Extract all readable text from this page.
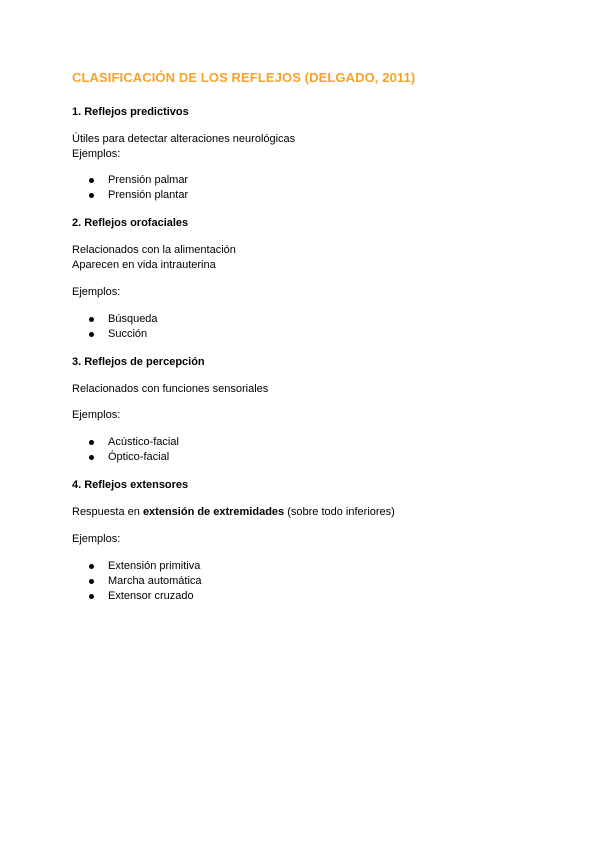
CLASIFICACIÓN DE LOS REFLEJOS (DELGADO, 2011)
1. Reflejos predictivos
Útiles para detectar alteraciones neurológicas
Ejemplos:
Prensión palmar
Prensión plantar
2. Reflejos orofaciales
Relacionados con la alimentación
Aparecen en vida intrauterina
Ejemplos:
Búsqueda
Succión
3. Reflejos de percepción
Relacionados con funciones sensoriales
Ejemplos:
Acústico-facial
Óptico-facial
4. Reflejos extensores
Respuesta en extensión de extremidades (sobre todo inferiores)
Ejemplos:
Extensión primitiva
Marcha automática
Extensor cruzado
